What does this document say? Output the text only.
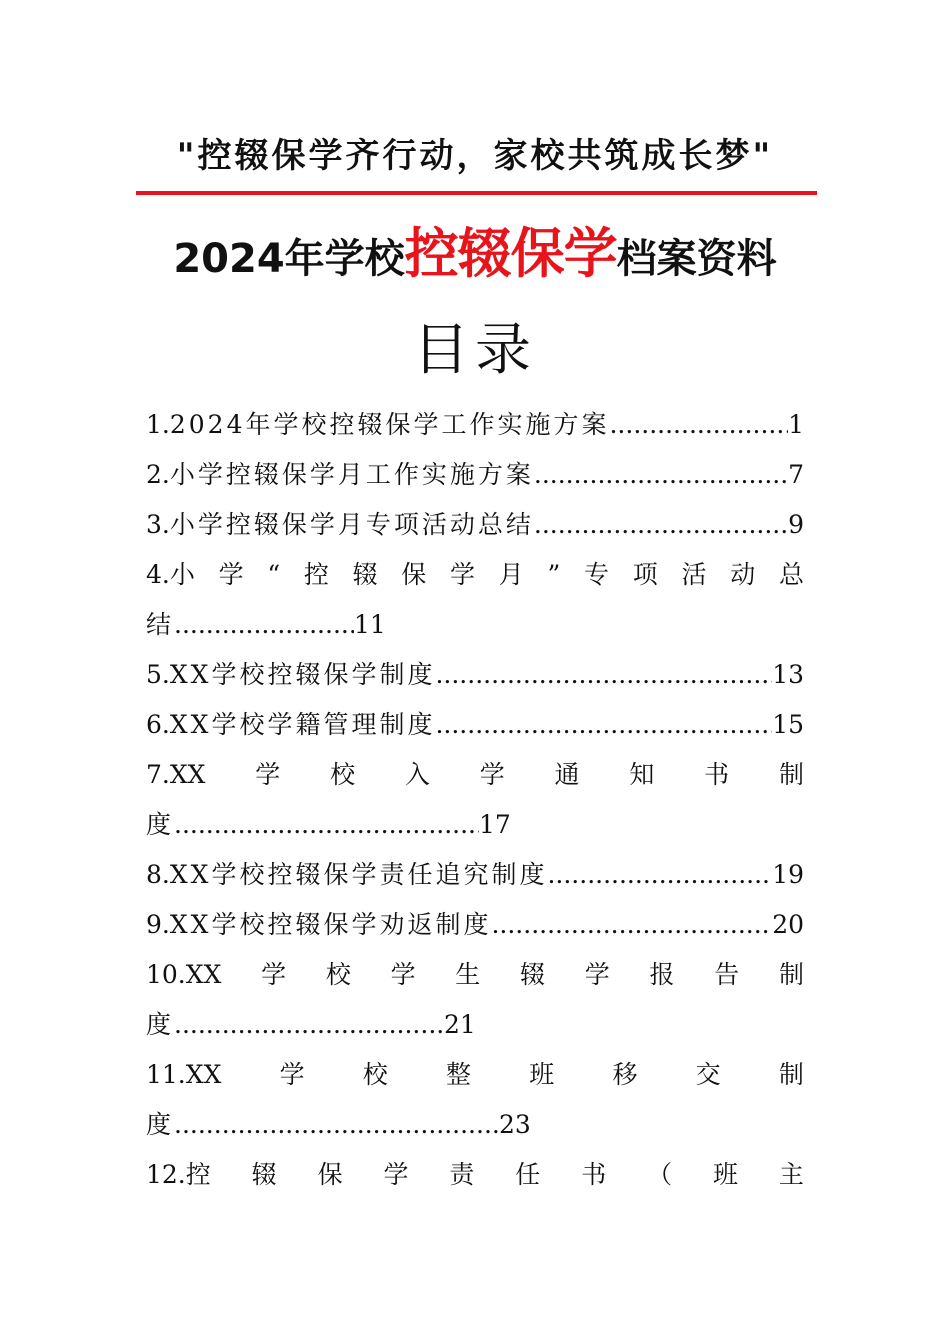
"控辍保学齐行动，家校共筑成长梦"
2024年学校控辍保学档案资料
目录
1. 2024年学校控辍保学工作实施方案 .....	1
2. 小学控辍保学月工作实施方案 .....	7
3. 小学控辍保学月专项活动总结 .....	9
4.小 学 “ 控 辍 保 学 月 ” 专 项 活 动 总
结 .....	11
5. XX学校控辍保学制度 .....	13
6. XX学校学籍管理制度 .....	15
7.XX 学 校 入 学 通 知 书 制
度 .....	17
8. XX学校控辍保学责任追究制度 .....	19
9. XX学校控辍保学劝返制度 .....	20
10.XX 学 校 学 生 辍 学 报 告 制
度 .....	21
11.XX 学 校 整 班 移 交 制
度 .....	23
12.控 辍 保 学 责 任 书 （ 班 主
